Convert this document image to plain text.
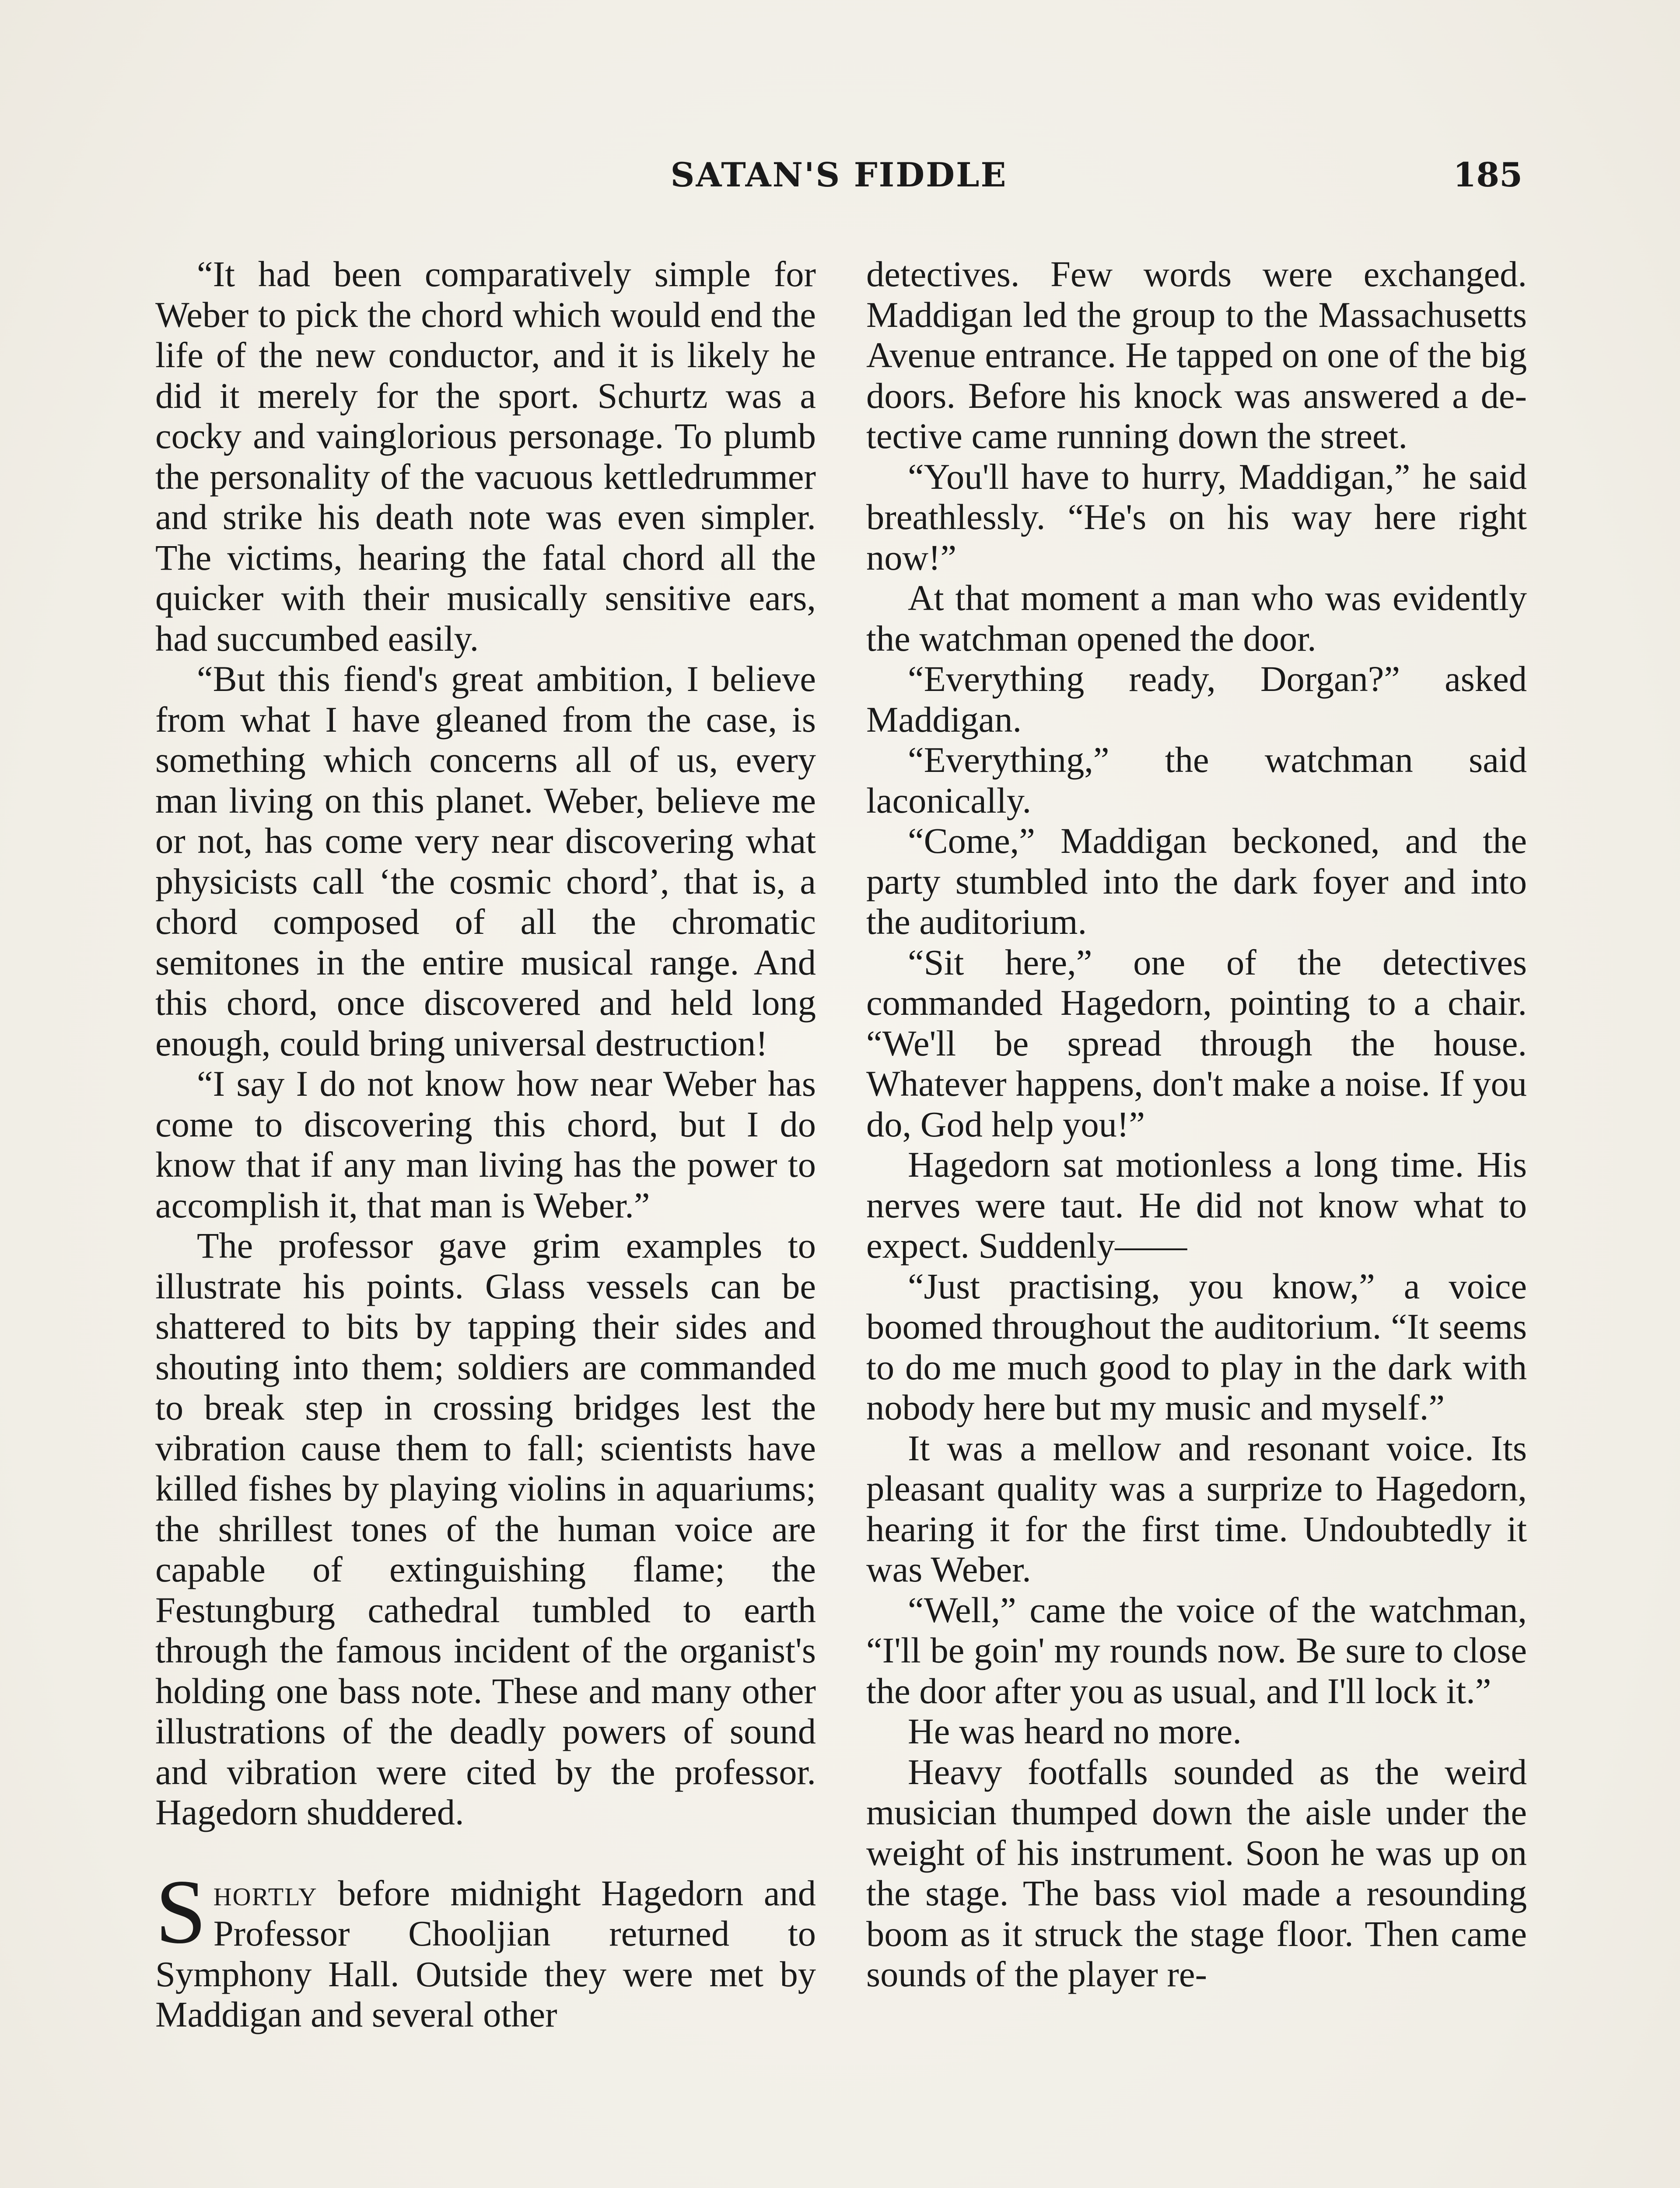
SATAN'S FIDDLE	185

“It had been comparatively simple for Weber to pick the chord which would end the life of the new conductor, and it is likely he did it merely for the sport. Schurtz was a cocky and vainglorious personage. To plumb the personality of the vacuous kettledrummer and strike his death note was even simpler. The victims, hearing the fatal chord all the quicker with their musically sensitive ears, had succumbed easily.

“But this fiend's great ambition, I believe from what I have gleaned from the case, is something which concerns all of us, every man living on this planet. Weber, believe me or not, has come very near discovering what physicists call ‘the cosmic chord’, that is, a chord composed of all the chromatic semitones in the entire musical range. And this chord, once discovered and held long enough, could bring universal destruction!

“I say I do not know how near Weber has come to discovering this chord, but I do know that if any man living has the power to accomplish it, that man is Weber.”

The professor gave grim examples to illustrate his points. Glass vessels can be shattered to bits by tapping their sides and shouting into them; soldiers are commanded to break step in crossing bridges lest the vibration cause them to fall; scientists have killed fishes by playing violins in aquariums; the shrillest tones of the human voice are capable of extinguishing flame; the Festungburg cathedral tumbled to earth through the famous incident of the organist's holding one bass note. These and many other illustrations of the deadly powers of sound and vibration were cited by the professor. Hagedorn shuddered.

Shortly before midnight Hagedorn and Professor Chooljian returned to Symphony Hall. Outside they were met by Maddigan and several other

detectives. Few words were exchanged. Maddigan led the group to the Massachusetts Avenue entrance. He tapped on one of the big doors. Before his knock was answered a detective came running down the street.

“You'll have to hurry, Maddigan,” he said breathlessly. “He's on his way here right now!”

At that moment a man who was evidently the watchman opened the door.

“Everything ready, Dorgan?” asked Maddigan.

“Everything,” the watchman said laconically.

“Come,” Maddigan beckoned, and the party stumbled into the dark foyer and into the auditorium.

“Sit here,” one of the detectives commanded Hagedorn, pointing to a chair. “We'll be spread through the house. Whatever happens, don't make a noise. If you do, God help you!”

Hagedorn sat motionless a long time. His nerves were taut. He did not know what to expect. Suddenly——

“Just practising, you know,” a voice boomed throughout the auditorium. “It seems to do me much good to play in the dark with nobody here but my music and myself.”

It was a mellow and resonant voice. Its pleasant quality was a surprize to Hagedorn, hearing it for the first time. Undoubtedly it was Weber.

“Well,” came the voice of the watchman, “I'll be goin' my rounds now. Be sure to close the door after you as usual, and I'll lock it.”

He was heard no more.

Heavy footfalls sounded as the weird musician thumped down the aisle under the weight of his instrument. Soon he was up on the stage. The bass viol made a resounding boom as it struck the stage floor. Then came sounds of the player re-
